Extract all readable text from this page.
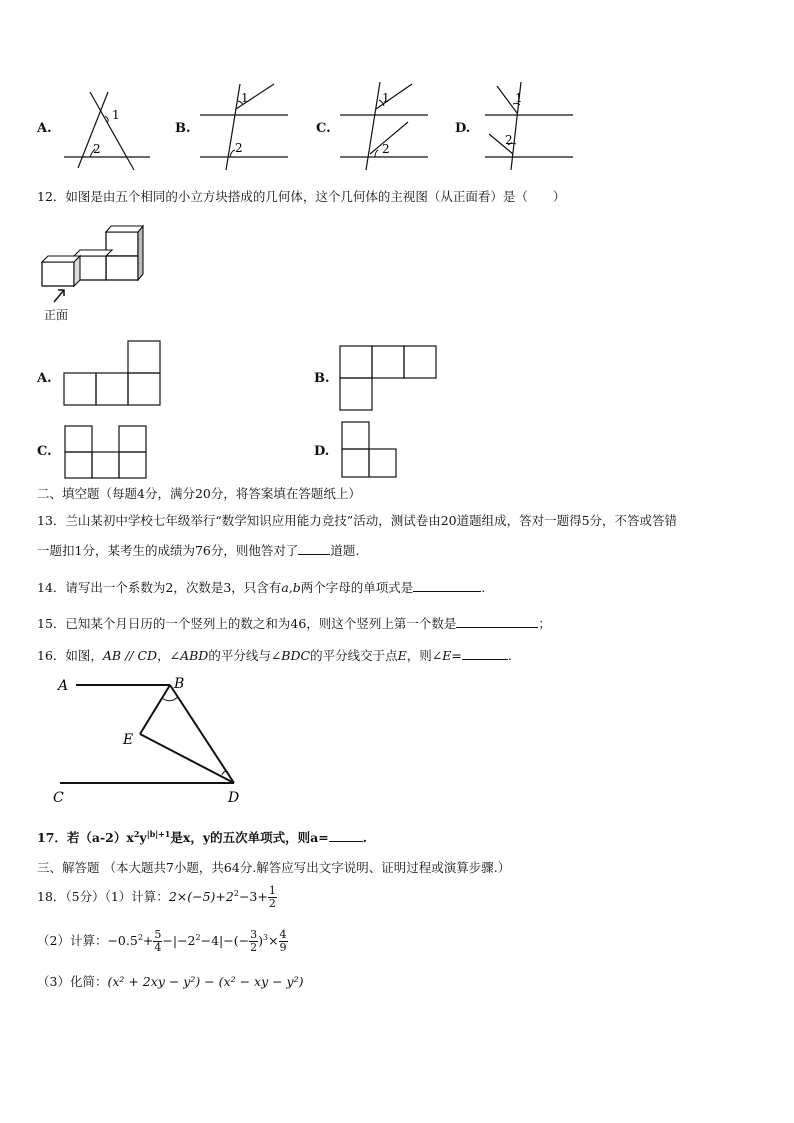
A.
1
2
B.
1
2
C.
1
2
D.
1
2
12．如图是由五个相同的小立方块搭成的几何体，这个几何体的主视图（从正面看）是（　　）
正面
A.	B.
C.	D.
二、填空题（每题4分，满分20分，将答案填在答题纸上）
13．兰山某初中学校七年级举行“数学知识应用能力竞技”活动，测试卷由20道题组成，答对一题得5分，不答或答错
一题扣1分，某考生的成绩为76分，则他答对了	道题.
14．请写出一个系数为2，次数是3，只含有a,b两个字母的单项式是	.
15．已知某个月日历的一个竖列上的数之和为46，则这个竖列上第一个数是	；
16．如图，AB // CD，∠ABD的平分线与∠BDC的平分线交于点E，则∠E=	.
A	B
E
C	D
17．若$(a-2)x^2y^{|b|+1}$是x，y的五次单项式，则a=	.
三、解答题 （本大题共7小题，共64分.解答应写出文字说明、证明过程或演算步骤.）
18．（5分）（1）计算：$2\times(-5)+2^2-3+ \frac{1}{2}$
（2）计算：$-0.5^2+ \frac{5}{4} -|-2^2-4|-(- \frac{3}{2} )^3\times \frac{4}{9}$
（3）化简：(x² + 2xy − y²) − (x² − xy − y²)
